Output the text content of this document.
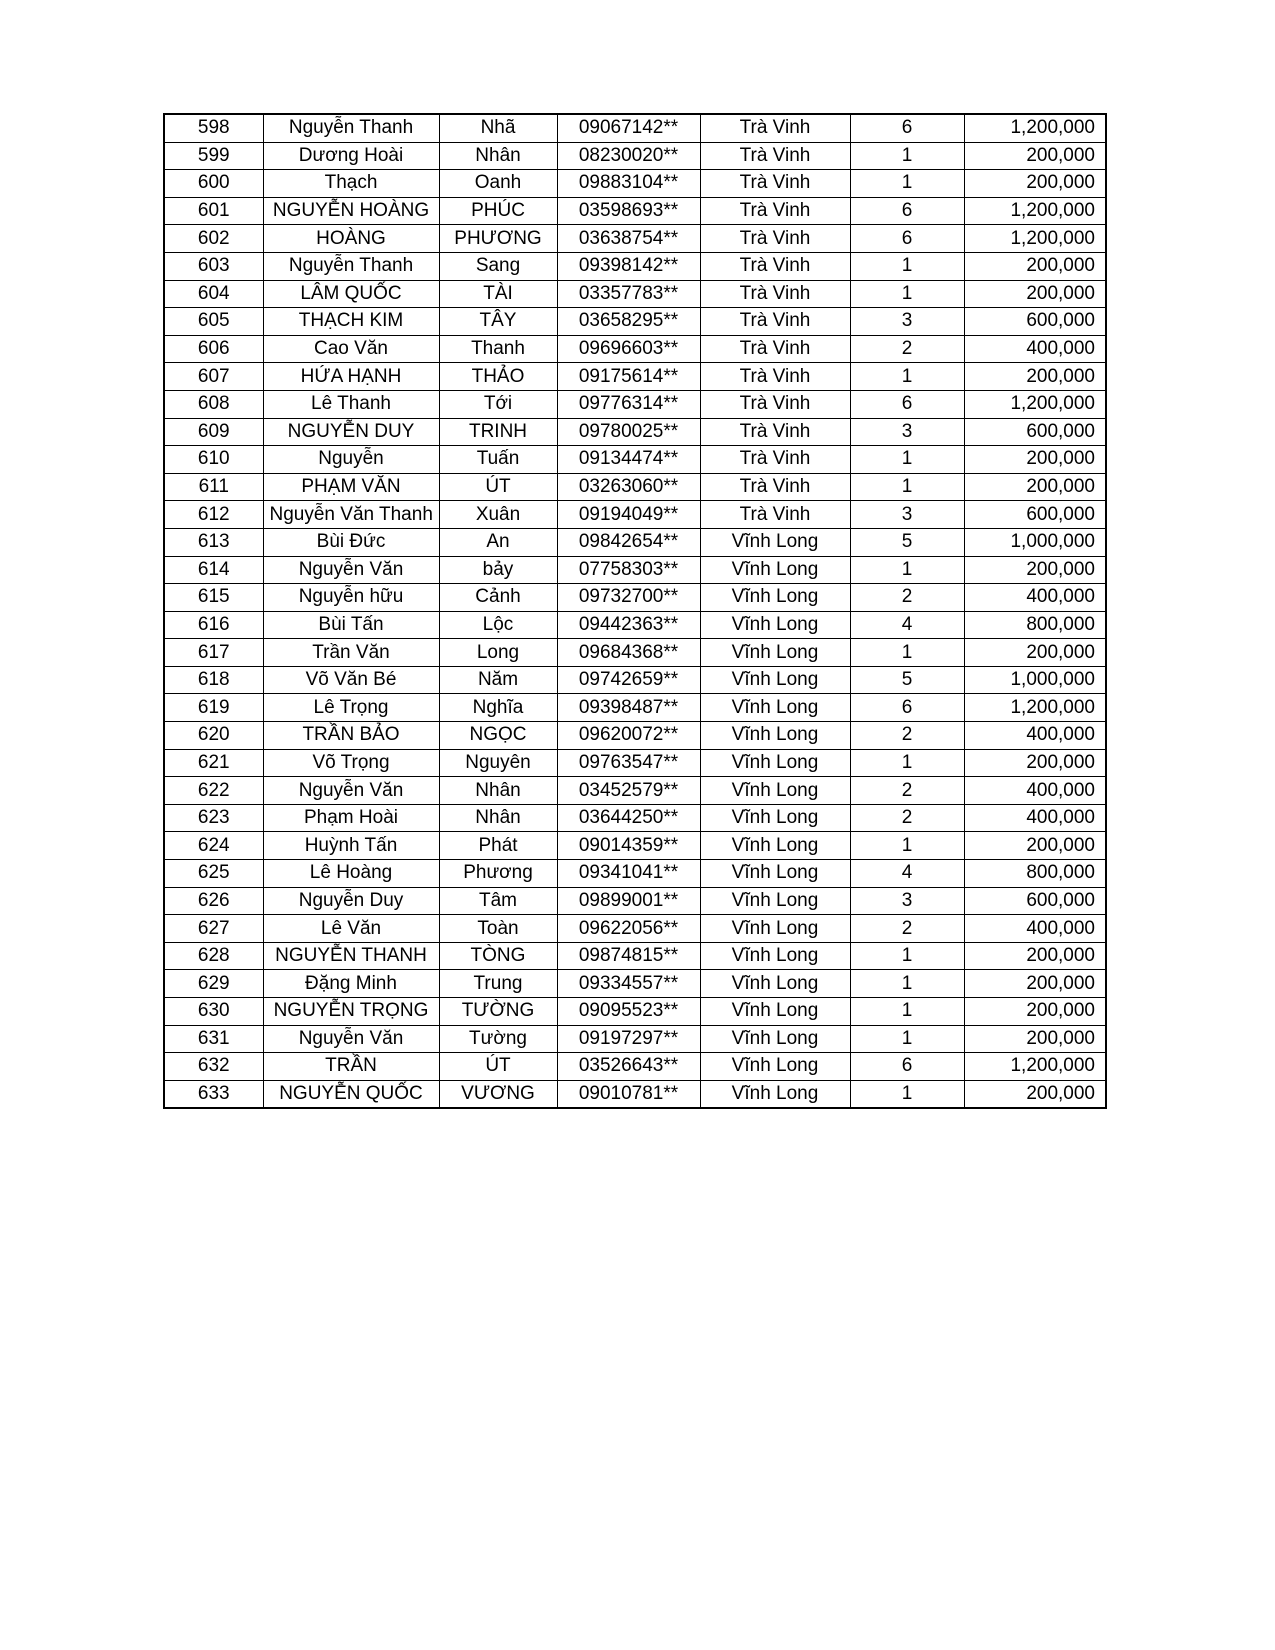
598	Nguyễn Thanh	Nhã	09067142**	Trà Vinh	6	1,200,000
599	Dương Hoài	Nhân	08230020**	Trà Vinh	1	200,000
600	Thạch	Oanh	09883104**	Trà Vinh	1	200,000
601	NGUYỄN HOÀNG	PHÚC	03598693**	Trà Vinh	6	1,200,000
602	HOÀNG	PHƯƠNG	03638754**	Trà Vinh	6	1,200,000
603	Nguyễn Thanh	Sang	09398142**	Trà Vinh	1	200,000
604	LÂM QUỐC	TÀI	03357783**	Trà Vinh	1	200,000
605	THẠCH KIM	TÂY	03658295**	Trà Vinh	3	600,000
606	Cao Văn	Thanh	09696603**	Trà Vinh	2	400,000
607	HỨA HẠNH	THẢO	09175614**	Trà Vinh	1	200,000
608	Lê Thanh	Tới	09776314**	Trà Vinh	6	1,200,000
609	NGUYỄN DUY	TRINH	09780025**	Trà Vinh	3	600,000
610	Nguyễn	Tuấn	09134474**	Trà Vinh	1	200,000
611	PHẠM VĂN	ÚT	03263060**	Trà Vinh	1	200,000
612	Nguyễn Văn Thanh	Xuân	09194049**	Trà Vinh	3	600,000
613	Bùi Đức	An	09842654**	Vĩnh Long	5	1,000,000
614	Nguyễn Văn	bảy	07758303**	Vĩnh Long	1	200,000
615	Nguyễn hữu	Cảnh	09732700**	Vĩnh Long	2	400,000
616	Bùi Tấn	Lộc	09442363**	Vĩnh Long	4	800,000
617	Trần Văn	Long	09684368**	Vĩnh Long	1	200,000
618	Võ Văn Bé	Năm	09742659**	Vĩnh Long	5	1,000,000
619	Lê Trọng	Nghĩa	09398487**	Vĩnh Long	6	1,200,000
620	TRẦN BẢO	NGỌC	09620072**	Vĩnh Long	2	400,000
621	Võ Trọng	Nguyên	09763547**	Vĩnh Long	1	200,000
622	Nguyễn Văn	Nhân	03452579**	Vĩnh Long	2	400,000
623	Phạm Hoài	Nhân	03644250**	Vĩnh Long	2	400,000
624	Huỳnh Tấn	Phát	09014359**	Vĩnh Long	1	200,000
625	Lê Hoàng	Phương	09341041**	Vĩnh Long	4	800,000
626	Nguyễn Duy	Tâm	09899001**	Vĩnh Long	3	600,000
627	Lê Văn	Toàn	09622056**	Vĩnh Long	2	400,000
628	NGUYỄN THANH	TÒNG	09874815**	Vĩnh Long	1	200,000
629	Đặng Minh	Trung	09334557**	Vĩnh Long	1	200,000
630	NGUYỄN TRỌNG	TƯỜNG	09095523**	Vĩnh Long	1	200,000
631	Nguyễn Văn	Tường	09197297**	Vĩnh Long	1	200,000
632	TRẦN	ÚT	03526643**	Vĩnh Long	6	1,200,000
633	NGUYỄN QUỐC	VƯƠNG	09010781**	Vĩnh Long	1	200,000
